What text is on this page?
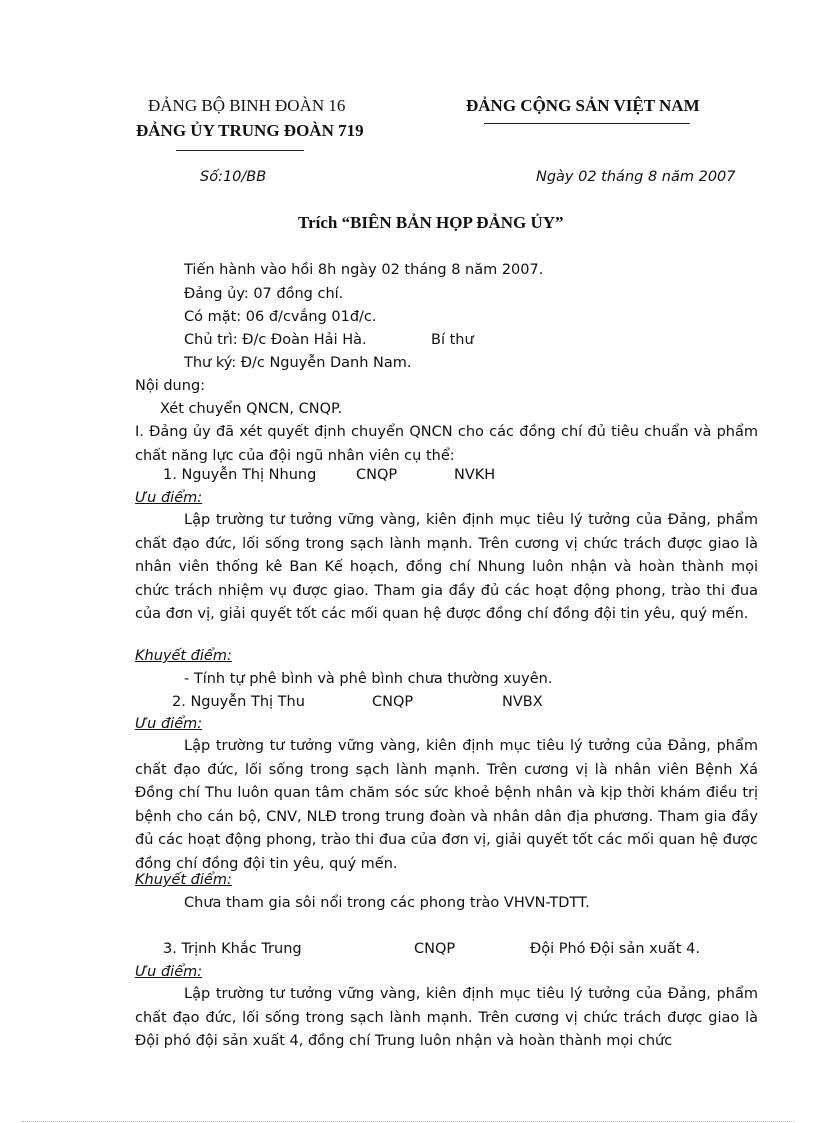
ĐẢNG BỘ BINH ĐOÀN 16
ĐẢNG ỦY TRUNG ĐOÀN 719
ĐẢNG CỘNG SẢN VIỆT NAM
Số:10/BB	Ngày 02 tháng 8 năm 2007
Trích “BIÊN BẢN HỌP ĐẢNG ỦY”
Tiến hành vào hồi 8h ngày 02 tháng 8 năm 2007.
Đảng ủy: 07 đồng chí.
Có mặt: 06 đ/cvắng 01đ/c.
Chủ trì: Đ/c Đoàn Hải Hà.	Bí thư
Thư ký: Đ/c Nguyễn Danh Nam.
Nội dung:
Xét chuyển QNCN, CNQP.
I. Đảng ủy đã xét quyết định chuyển QNCN cho các đồng chí đủ tiêu chuẩn và phẩm chất năng lực của đội ngũ nhân viên cụ thể:
1. Nguyễn Thị Nhung	CNQP	NVKH
Ưu điểm:
Lập trường tư tưởng vững vàng, kiên định mục tiêu lý tưởng của Đảng, phẩm chất đạo đức, lối sống trong sạch lành mạnh. Trên cương vị chức trách được giao là nhân viên thống kê Ban Kế hoạch, đồng chí Nhung luôn nhận và hoàn thành mọi chức trách nhiệm vụ được giao. Tham gia đầy đủ các hoạt động phong, trào thi đua của đơn vị, giải quyết tốt các mối quan hệ được đồng chí đồng đội tin yêu, quý mến.
Khuyết điểm:
- Tính tự phê bình và phê bình chưa thường xuyên.
2. Nguyễn Thị Thu	CNQP	NVBX
Ưu điểm:
Lập trường tư tưởng vững vàng, kiên định mục tiêu lý tưởng của Đảng, phẩm chất đạo đức, lối sống trong sạch lành mạnh. Trên cương vị là nhân viên Bệnh Xá Đồng chí Thu luôn quan tâm chăm sóc sức khoẻ bệnh nhân và kịp thời khám điều trị bệnh cho cán bộ, CNV, NLĐ trong trung đoàn và nhân dân địa phương. Tham gia đầy đủ các hoạt động phong, trào thi đua của đơn vị, giải quyết tốt các mối quan hệ được đồng chí đồng đội tin yêu, quý mến.
Khuyết điểm:
Chưa tham gia sôi nổi trong các phong trào VHVN-TDTT.
3. Trịnh Khắc Trung	CNQP	Đội Phó Đội sản xuất 4.
Ưu điểm:
Lập trường tư tưởng vững vàng, kiên định mục tiêu lý tưởng của Đảng, phẩm chất đạo đức, lối sống trong sạch lành mạnh. Trên cương vị chức trách được giao là Đội phó đội sản xuất 4, đồng chí Trung luôn nhận và hoàn thành mọi chức
